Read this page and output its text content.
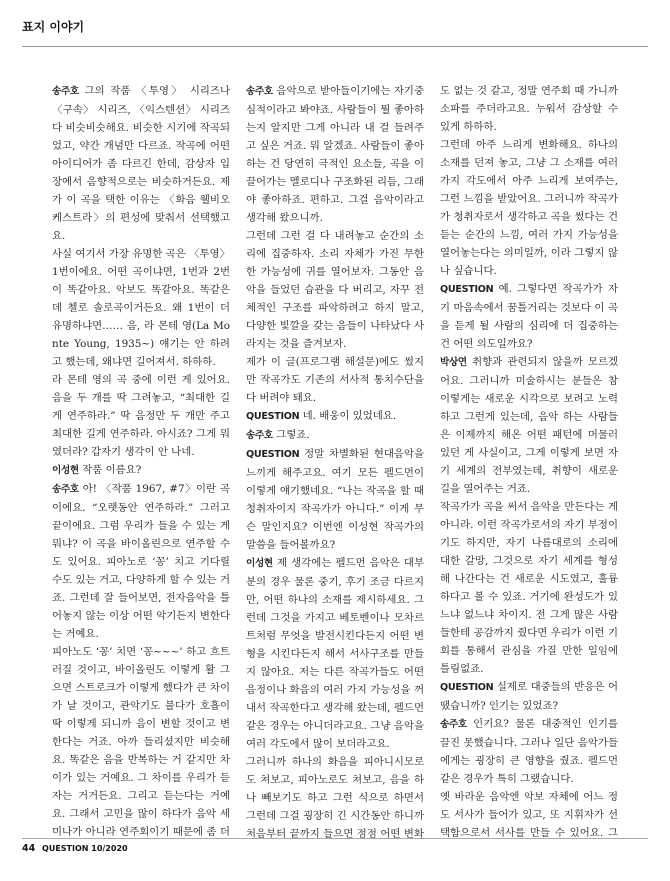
표지 이야기

송주호 그의 작품 〈투영〉 시리즈나 〈구속〉 시리즈, 〈익스텐션〉 시리즈다 비슷비슷해요. 비슷한 시기에 작곡되었고, 약간 개념만 다르죠. 작곡에 어떤 아이디어가 좀 다르긴 한데, 감상자 입장에서 음향적으로는 비슷하거든요. 제가 이 곡을 택한 이유는 〈화음 웰비오케스트라〉의 편성에 맞춰서 선택했고요.

사실 여기서 가장 유명한 곡은 〈투영〉 1번이에요. 어떤 곡이냐면, 1번과 2번이 똑같아요. 악보도 똑같아요. 똑같은데 첼로 솔로곡이거든요. 왜 1번이 더 유명하냐면…… 음, 라 몬테 영(La Monte Young, 1935~) 얘기는 안 하려고 했는데, 왜냐면 길어져서. 하하하.

라 몬테 영의 곡 중에 이런 게 있어요. 음을 두 개를 딱 그려놓고, “최대한 길게 연주하라.” 딱 음정만 두 개만 주고 최대한 길게 연주하라. 아시죠? 그게 뭐 였더라? 갑자기 생각이 안 나네.

이성현 작품 이름요?

송주호 아! 〈작품 1967, #7〉이란 곡이에요. “오랫동안 연주하라.” 그러고 끝이에요. 그럼 우리가 들을 수 있는 게 뭐냐? 이 곡을 바이올린으로 연주할 수도 있어요. 피아노로 ‘꽁’ 치고 기다릴 수도 있는 거고, 다양하게 할 수 있는 거죠. 그런데 잘 들어보면, 전자음악을 틀어놓지 않는 이상 어떤 악기든지 변한다는 거예요.

피아노도 ‘꽁’ 치면 ‘꽁~~~’ 하고 흐트러질 것이고, 바이올린도 이렇게 활 그으면 스트로크가 이렇게 했다가 큰 차이가 날 것이고, 관악기도 불다가 호흡이 딱 이렇게 되니까 음이 변할 것이고 변한다는 거죠. 아까 들리셨지만 비슷해요. 똑같은 음을 반복하는 거 같지만 차이가 있는 거예요. 그 차이를 우리가 듣자는 거거든요. 그리고 듣는다는 거예요. 그래서 고민을 많이 하다가 음악 세미나가 아니라 연주회이기 때문에 좀 더

송주호 음악으로 받아들이기에는 자기중심적이라고 봐야죠. 사람들이 뭘 좋아하는지 알지만 그게 아니라 내 걸 들려주고 싶은 거죠. 뭐 알겠죠. 사람들이 좋아하는 건 당연히 극적인 요소들, 곡을 이끌어가는 멜로디나 구조화된 리듬, 그래야 좋아하죠. 편하고. 그걸 음악이라고 생각해 왔으니까.

그런데 그런 걸 다 내려놓고 순간의 소리에 집중하자. 소리 자체가 가진 무한한 가능성에 귀를 열어보자. 그동안 음악을 들었던 습관을 다 버리고, 자꾸 전체적인 구조를 파악하려고 하지 말고, 다양한 빛깔을 갖는 음들이 나타났다 사라지는 것을 즐겨보자.

제가 이 글(프로그램 해설문)에도 썼지만 작곡가도 기존의 서사적 통치수단을 다 버려야 돼요.

QUESTION 네. 배웅이 있었네요.

송주호 그렇죠.

QUESTION 정말 차별화된 현대음악을 느끼게 해주고요. 여기 모든 펠드먼이 이렇게 얘기했네요. “나는 작곡을 할 때 청취자이지 작곡가가 아니다.” 이게 무슨 말인지요? 이번엔 이성현 작곡가의 말씀을 들어볼까요?

이성현 제 생각에는 펠드먼 음악은 대부분의 경우 물론 중기, 후기 조금 다르지만, 어떤 하나의 소재를 제시하세요. 그런데 그것을 가지고 베토벤이나 모차르트처럼 무엇을 발전시킨다든지 어떤 변형을 시킨다든지 해서 서사구조를 만들지 않아요. 저는 다른 작곡가들도 어떤 음정이나 화음의 여러 가지 가능성을 꺼내서 작곡한다고 생각해 왔는데, 펠드먼 같은 경우는 아니더라고요. 그냥 음악을 여러 각도에서 많이 보더라고요.

그러니까 하나의 화음을 피아니시모로도 쳐보고, 피아노로도 쳐보고, 음을 하나 빼보기도 하고 그런 식으로 하면서 그런데 그걸 굉장히 긴 시간동안 하니까 처음부터 끝까지 들으면 점점 어떤 변화

도 없는 것 같고, 정말 연주회 때 가니까 소파를 주더라고요. 누워서 감상할 수 있게 하하하.

그런데 아주 느리게 변화해요. 하나의 소재를 던져 놓고, 그냥 그 소재를 여러 가지 각도에서 아주 느리게 보여주는, 그런 느낌을 받았어요. 그러니까 작곡가가 청취자로서 생각하고 곡을 썼다는 건 듣는 순간의 느낌, 여러 가지 가능성을 열어놓는다는 의미일까, 이라 그렇지 않나 싶습니다.

QUESTION 예. 그렇다면 작곡가가 자기 마음속에서 꿈틀거리는 것보다 이 곡을 듣게 될 사람의 심리에 더 집중하는 건 어떤 의도일까요?

박상연 취향과 관련되지 않을까 모르겠어요. 그러니까 미술하시는 분들은 참 이렇게는 새로운 시각으로 보려고 노력하고 그런게 있는데, 음악 하는 사람들은 이제까지 해온 어떤 패턴에 머물러 있던 게 사실이고, 그게 이렇게 보면 자기 세계의 전부였는데, 취향이 새로운 길을 열어주는 거죠.

작곡가가 곡을 써서 음악을 만든다는 게 아니라. 이런 작곡가로서의 자기 부정이기도 하지만, 자기 나름대로의 소리에 대한 갈망, 그것으로 자기 세계를 형성해 나간다는 건 새로운 시도였고, 훌륭하다고 볼 수 있죠. 거기에 완성도가 있느냐 없느냐 차이지. 전 그게 많은 사람들한테 공감까지 줬다면 우리가 이런 기회를 통해서 관심을 가질 만한 일임에 틀림없죠.

QUESTION 실제로 대중들의 반응은 어땠습니까? 인기는 있었죠?

송주호 인기요? 물론 대중적인 인기를 끌진 못했습니다. 그러나 일단 음악가들에게는 굉장히 큰 영향을 줬죠. 펠드먼 같은 경우가 특히 그랬습니다.

옛 바라운 음악엔 악보 자체에 어느 정도 서사가 들어가 있고, 또 지휘자가 선택함으로서 서사를 만들 수 있어요. 그

44 QUESTION 10/2020
